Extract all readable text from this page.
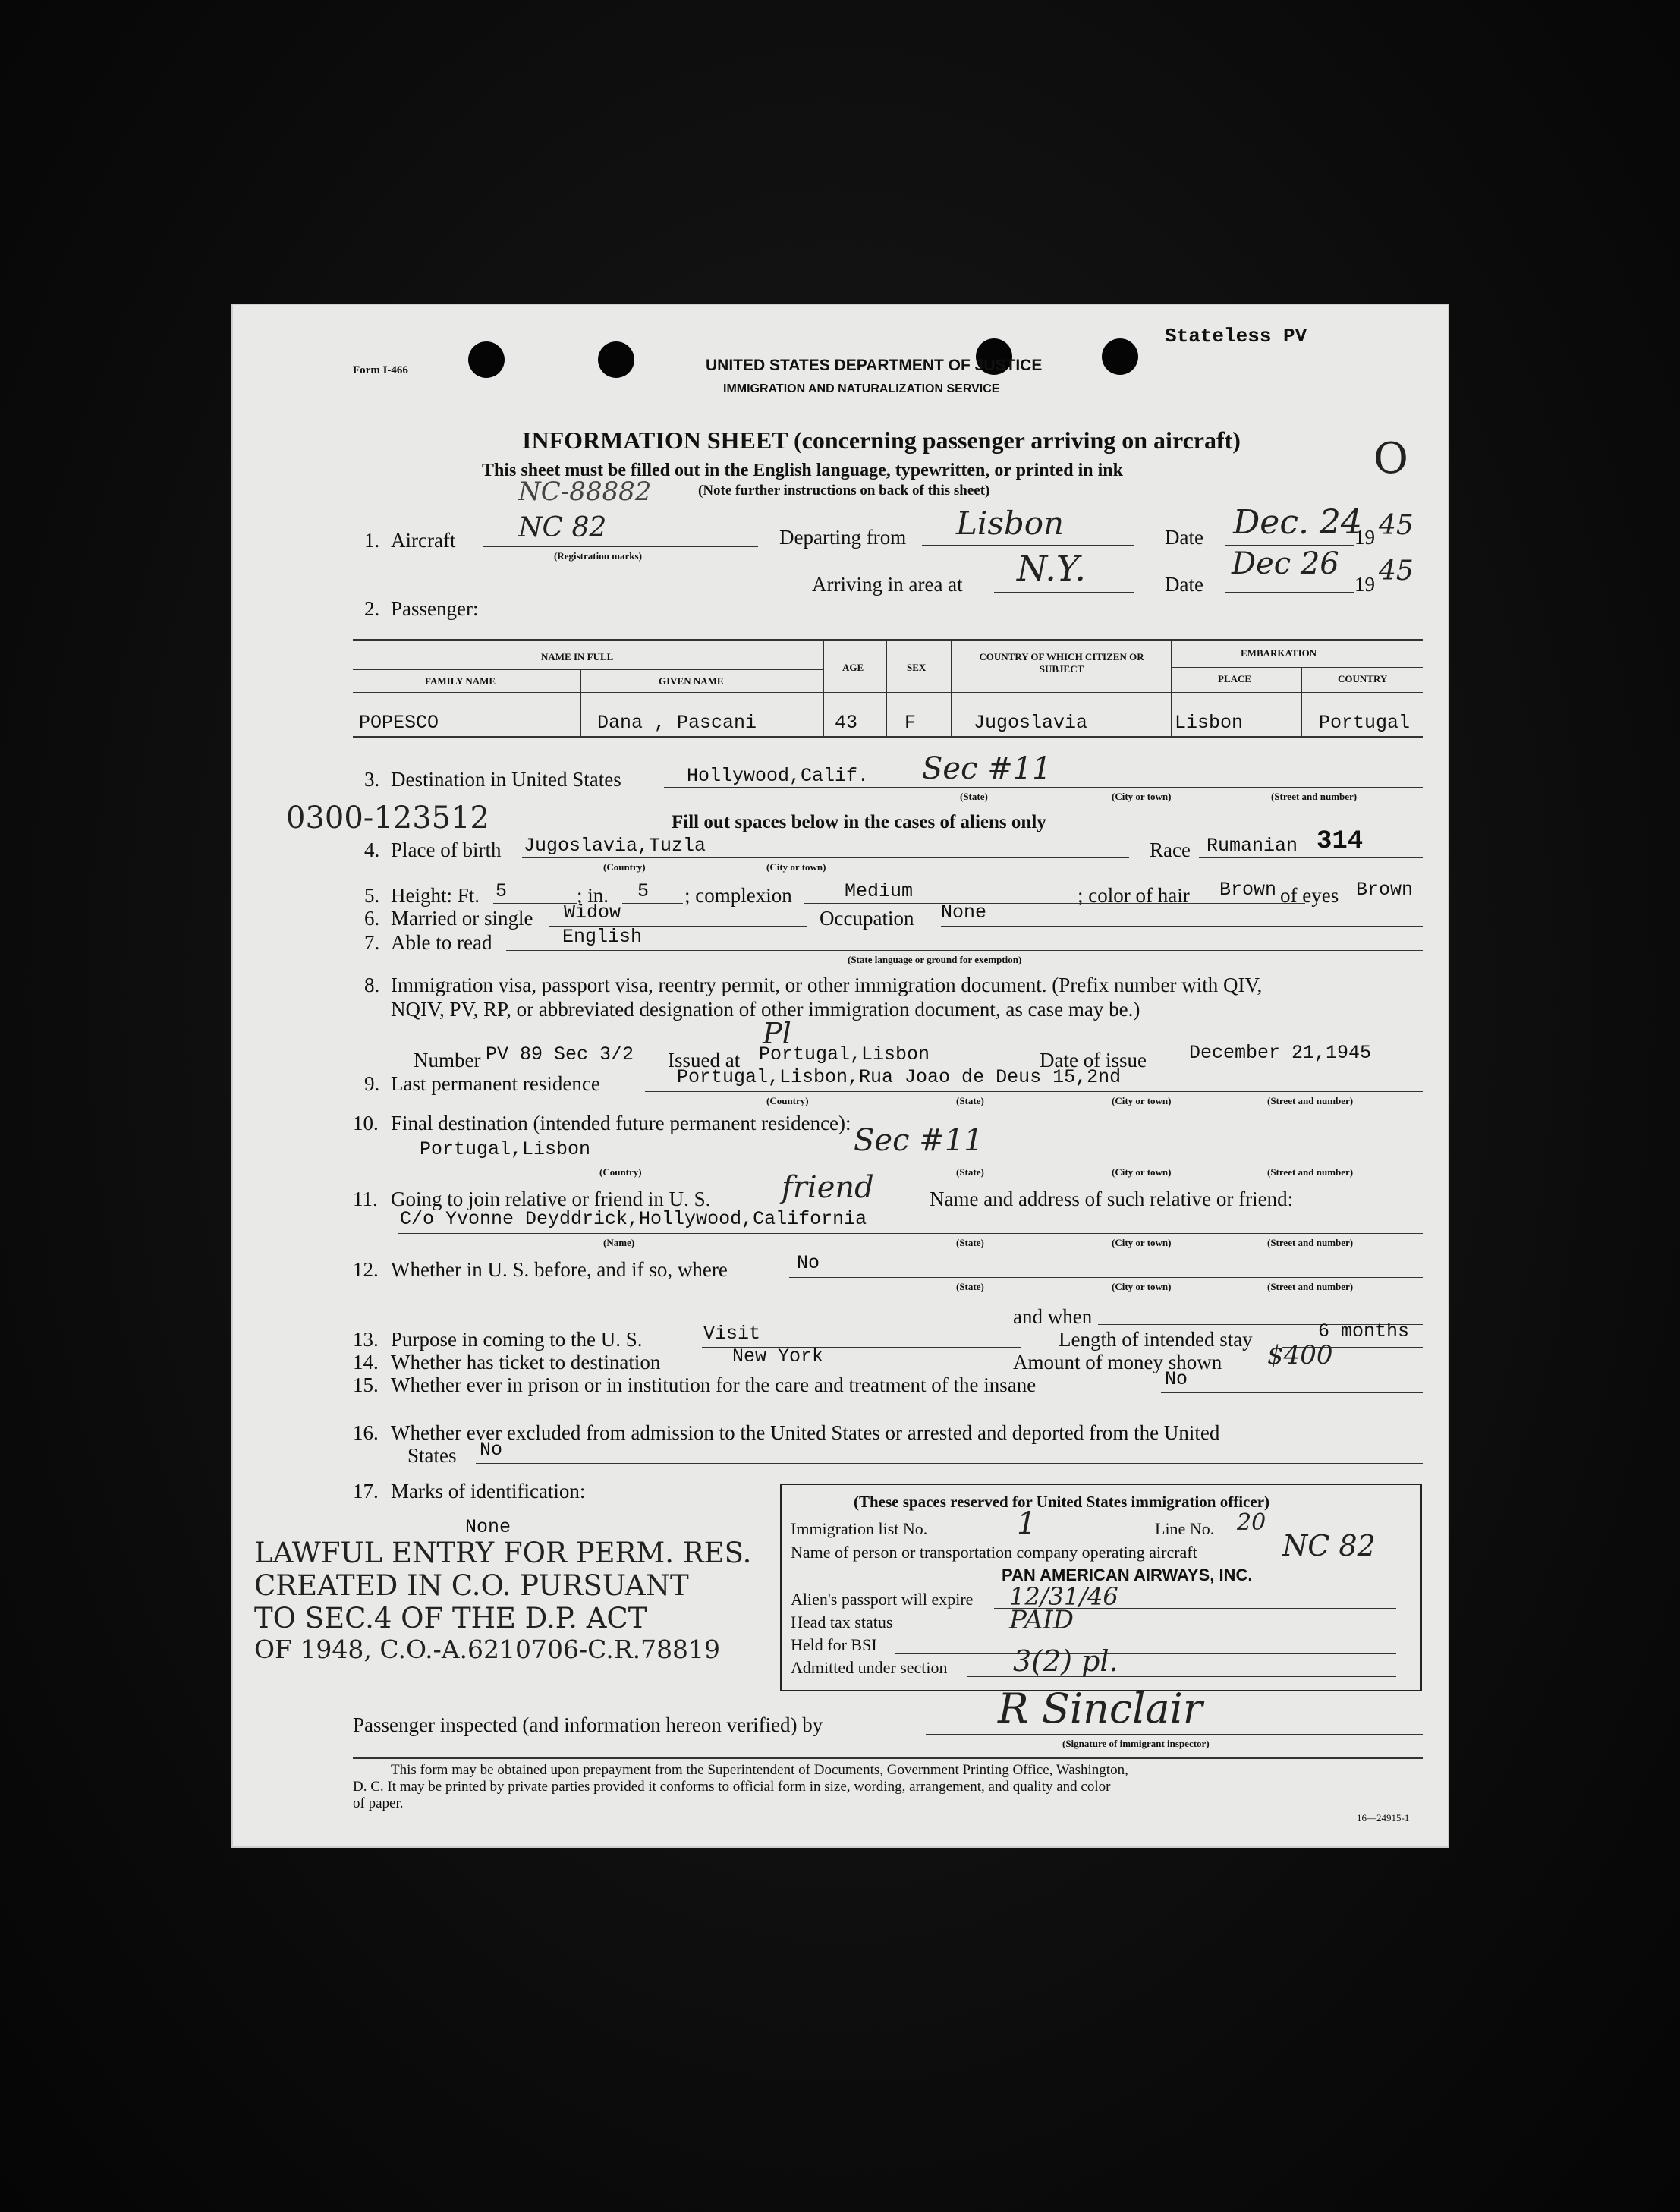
Form I-466
Stateless PV
UNITED STATES DEPARTMENT OF JUSTICE
IMMIGRATION AND NATURALIZATION SERVICE
INFORMATION SHEET (concerning passenger arriving on aircraft)
This sheet must be filled out in the English language, typewritten, or printed in ink
(Note further instructions on back of this sheet)
NC-88882
O
1. Aircraft NC 82
(Registration marks)
Departing from Lisbon	Date Dec. 24
19 45
Arriving in area at N.Y.	Date
Dec 26
19 45
2. Passenger:
NAME IN FULL
FAMILY NAME	GIVEN NAME
AGE	SEX
COUNTRY OF WHICH CITIZEN OR SUBJECT
EMBARKATION
PLACE	COUNTRY
POPESCO	Dana , Pascani	43 F	Jugoslavia	Lisbon	Portugal
3. Destination in United States	Hollywood,Calif. Sec #11
(State)	(City or town)	(Street and number)
0300-123512	Fill out spaces below in the cases of aliens only
4. Place of birth Jugoslavia,Tuzla
(Country)	(City or town)
Race Rumanian 314
5. Height: Ft. 5	; in. 5 ; complexion	Medium	; color of hair Brown of eyes Brown
6. Married or single Widow	Occupation None
7. Able to read	English
(State language or ground for exemption)
8. Immigration visa, passport visa, reentry permit, or other immigration document. (Prefix number with QIV,
NQIV, PV, RP, or abbreviated designation of other immigration document, as case may be.)
Pl
Number PV 89 Sec 3/2 Issued at Portugal,Lisbon	Date of issue December 21,1945
9. Last permanent residence	Portugal,Lisbon,Rua Joao de Deus 15,2nd
(Country)	(State)	(City or town)	(Street and number)
10. Final destination (intended future permanent residence):
Portugal,Lisbon	Sec #11
(Country)	(State)	(City or town)	(Street and number)
11. Going to join relative or friend in U. S. friend	Name and address of such relative or friend:
C/o Yvonne Deyddrick,Hollywood,California
(Name)	(State)	(City or town)	(Street and number)
12. Whether in U. S. before, and if so, where	No
(State)	(City or town)	(Street and number)
and when
13. Purpose in coming to the U. S.	Visit	Length of intended stay	6 months
14. Whether has ticket to destination	New York	Amount of money shown $400
15. Whether ever in prison or in institution for the care and treatment of the insane	No
16. Whether ever excluded from admission to the United States or arrested and deported from the United
States No
17. Marks of identification:
None
LAWFUL ENTRY FOR PERM. RES.
CREATED IN C.O. PURSUANT
TO SEC.4 OF THE D.P. ACT
OF 1948, C.O.-A.6210706-C.R.78819
(These spaces reserved for United States immigration officer)
Immigration list No.	1	Line No. 20
Name of person or transportation company operating aircraft	NC 82
PAN AMERICAN AIRWAYS, INC.
Alien's passport will expire 12/31/46
Head tax status	PAID
Held for BSI
Admitted under section 3(2) pl.
Passenger inspected (and information hereon verified) by	R Sinclair
(Signature of immigrant inspector)
This form may be obtained upon prepayment from the Superintendent of Documents, Government Printing Office, Washington,
D. C. It may be printed by private parties provided it conforms to official form in size, wording, arrangement, and quality and color
of paper.
16—24915-1
